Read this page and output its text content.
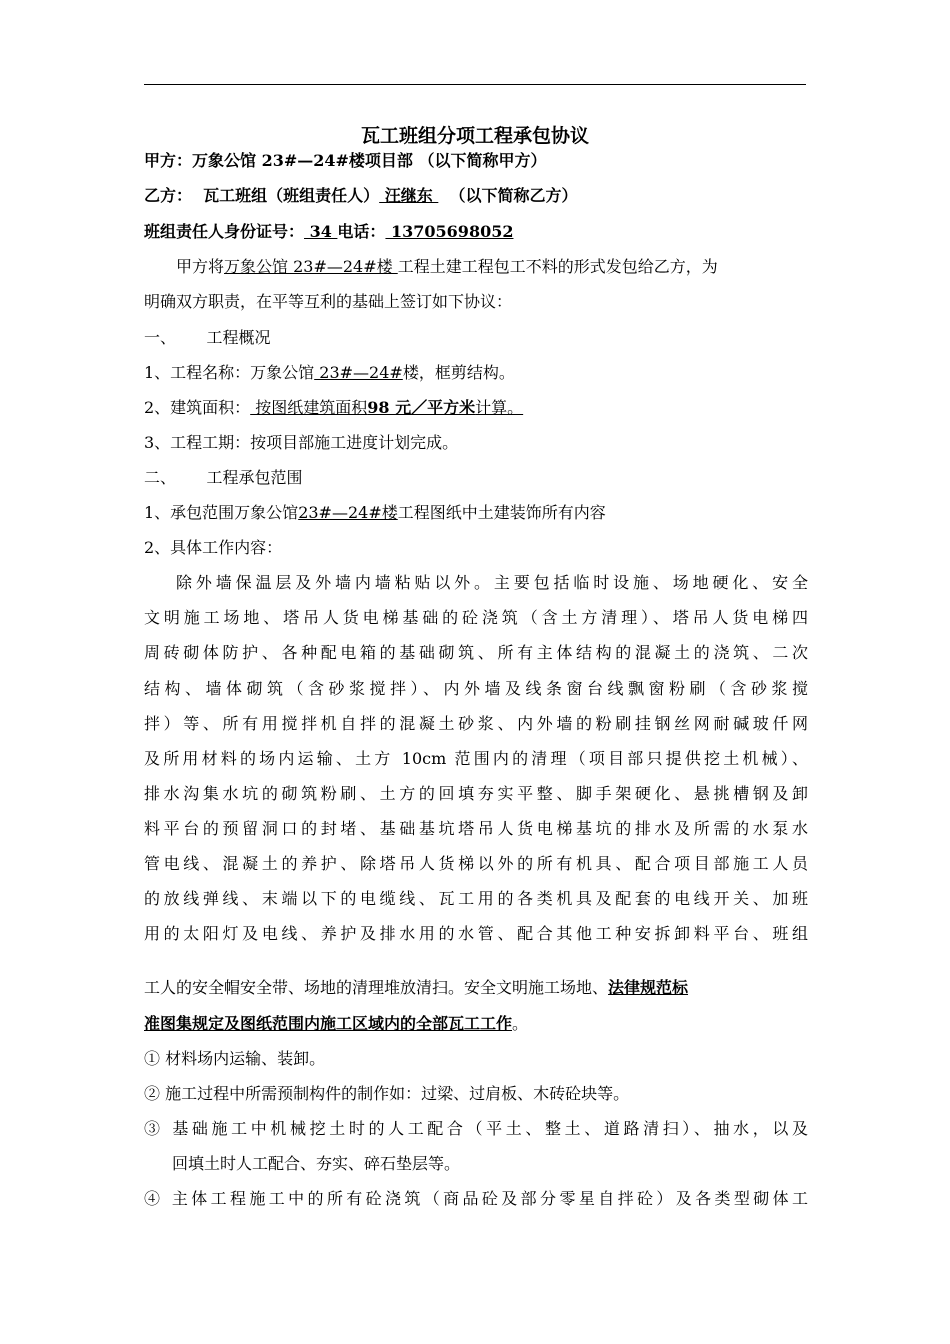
瓦工班组分项工程承包协议
甲方：万象公馆 23#—24#楼项目部 （以下简称甲方）
乙方： 瓦工班组（班组责任人） 汪继东   （以下简称乙方）
班组责任人身份证号： 34 电话： 13705698052
甲方将万象公馆 23#—24#楼 工程土建工程包工不料的形式发包给乙方，为
明确双方职责，在平等互利的基础上签订如下协议：
一、 工程概况
1、工程名称：万象公馆 23#—24#楼，框剪结构。
2、建筑面积： 按图纸建筑面积98 元／平方米计算。
3、工程工期：按项目部施工进度计划完成。
二、 工程承包范围
1、承包范围万象公馆23#—24#楼工程图纸中土建装饰所有内容
2、具体工作内容：
除外墙保温层及外墙内墙粘贴以外。主要包括临时设施、场地硬化、安全
文明施工场地、塔吊人货电梯基础的砼浇筑（含土方清理）、塔吊人货电梯四
周砖砌体防护、各种配电箱的基础砌筑、所有主体结构的混凝土的浇筑、二次
结构、墙体砌筑（含砂浆搅拌）、内外墙及线条窗台线飘窗粉刷（含砂浆搅
拌）等、所有用搅拌机自拌的混凝土砂浆、内外墙的粉刷挂钢丝网耐碱玻仟网
及所用材料的场内运输、土方 10cm 范围内的清理（项目部只提供挖土机械）、
排水沟集水坑的砌筑粉刷、土方的回填夯实平整、脚手架硬化、悬挑槽钢及卸
料平台的预留洞口的封堵、基础基坑塔吊人货电梯基坑的排水及所需的水泵水
管电线、混凝土的养护、除塔吊人货梯以外的所有机具、配合项目部施工人员
的放线弹线、末端以下的电缆线、瓦工用的各类机具及配套的电线开关、加班
用的太阳灯及电线、养护及排水用的水管、配合其他工种安拆卸料平台、班组
工人的安全帽安全带、场地的清理堆放清扫。安全文明施工场地、法律规范标
准图集规定及图纸范围内施工区域内的全部瓦工工作。
① 材料场内运输、装卸。
② 施工过程中所需预制构件的制作如：过梁、过肩板、木砖砼块等。
③ 基础施工中机械挖土时的人工配合（平土、整土、道路清扫）、抽水，以及
回填土时人工配合、夯实、碎石垫层等。
④ 主体工程施工中的所有砼浇筑（商品砼及部分零星自拌砼）及各类型砌体工
